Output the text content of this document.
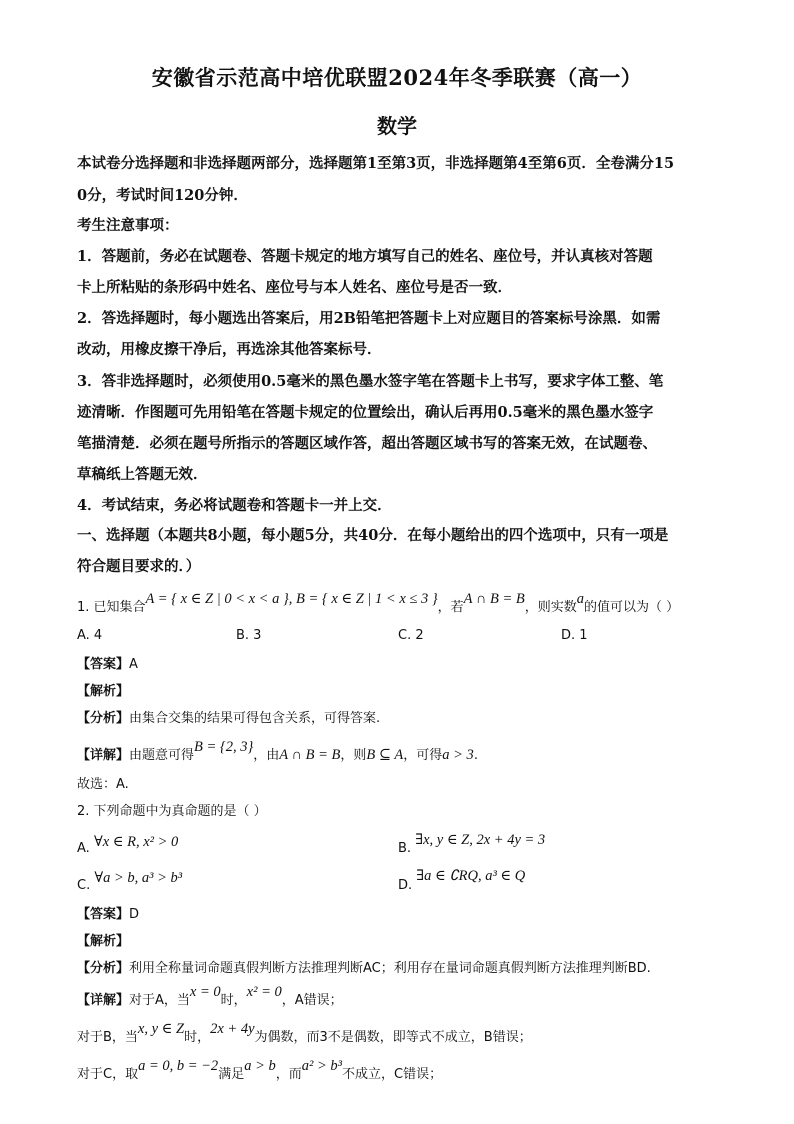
安徽省示范高中培优联盟2024年冬季联赛（高一）
数学
本试卷分选择题和非选择题两部分，选择题第1至第3页，非选择题第4至第6页．全卷满分15
0分，考试时间120分钟．
考生注意事项：
1．答题前，务必在试题卷、答题卡规定的地方填写自己的姓名、座位号，并认真核对答题
卡上所粘贴的条形码中姓名、座位号与本人姓名、座位号是否一致．
2．答选择题时，每小题选出答案后，用2B铅笔把答题卡上对应题目的答案标号涂黑．如需
改动，用橡皮擦干净后，再选涂其他答案标号．
3．答非选择题时，必须使用0.5毫米的黑色墨水签字笔在答题卡上书写，要求字体工整、笔
迹清晰．作图题可先用铅笔在答题卡规定的位置绘出，确认后再用0.5毫米的黑色墨水签字
笔描清楚．必须在题号所指示的答题区域作答，超出答题区域书写的答案无效，在试题卷、
草稿纸上答题无效．
4．考试结束，务必将试题卷和答题卡一并上交．
一、选择题（本题共8小题，每小题5分，共40分．在每小题给出的四个选项中，只有一项是
符合题目要求的．）
1. 已知集合A = { x ∈ Z | 0 < x < a }, B = { x ∈ Z | 1 < x ≤ 3 }，若A ∩ B = B，则实数a的值可以为（ ）
A. 4	B. 3	C. 2	D. 1
【答案】A
【解析】
【分析】由集合交集的结果可得包含关系，可得答案.
【详解】由题意可得B = {2, 3}，由A ∩ B = B，则B ⊆ A，可得a > 3.
故选：A.
2. 下列命题中为真命题的是（ ）
A. ∀x ∈ R, x² > 0	B. ∃x, y ∈ Z, 2x + 4y = 3
C. ∀a > b, a³ > b³	D. ∃a ∈ ∁RQ, a³ ∈ Q
【答案】D
【解析】
【分析】利用全称量词命题真假判断方法推理判断AC；利用存在量词命题真假判断方法推理判断BD.
【详解】对于A，当x = 0时，x² = 0，A错误；
对于B，当x, y ∈ Z时，2x + 4y为偶数，而3不是偶数，即等式不成立，B错误；
对于C，取a = 0, b = −2满足a > b，而a² > b³不成立，C错误；
